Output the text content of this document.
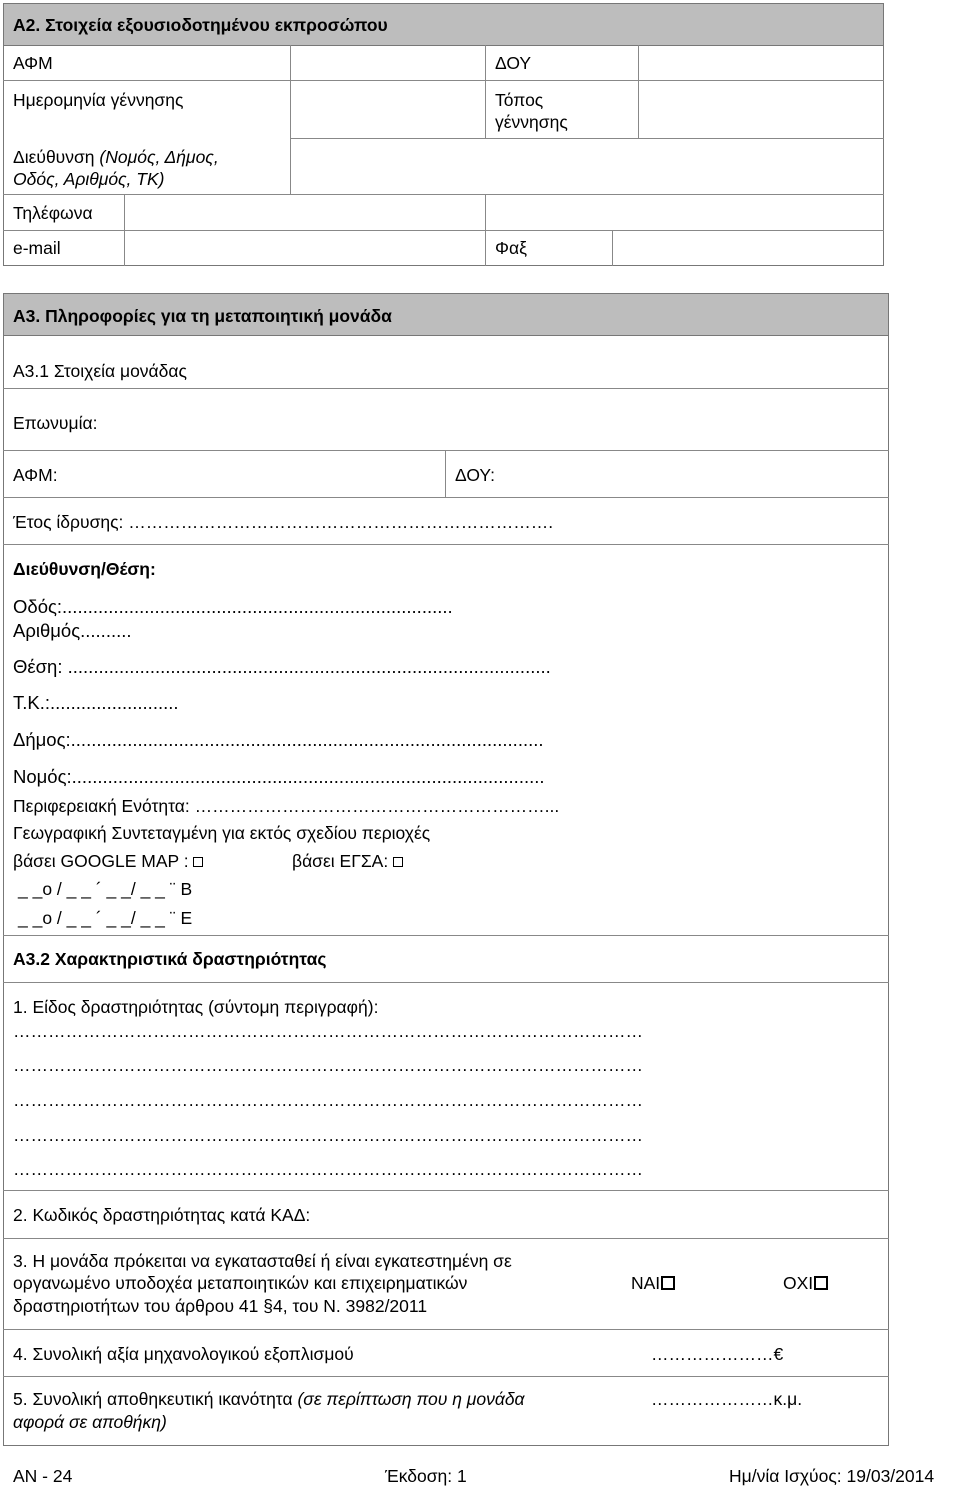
Α2. Στοιχεία εξουσιοδοτημένου εκπροσώπου
ΑΦΜ	ΔΟΥ
Ημερομηνία γέννησης	Τόπος
γέννησης
Διεύθυνση (Νομός, Δήμος,
Οδός, Αριθμός, ΤΚ)
Τηλέφωνα
e-mail	Φαξ
Α3. Πληροφορίες για τη μεταποιητική μονάδα
Α3.1 Στοιχεία μονάδας
Επωνυμία:
ΑΦΜ:	ΔΟΥ:
Έτος ίδρυσης: ……………………………………………………………….
Διεύθυνση/Θέση:
Οδός:............................................................................
Αριθμός..........
Θέση: ..............................................................................................
Τ.Κ.:.........................
Δήμος:............................................................................................
Νομός:............................................................................................
Περιφερειακή Ενότητα: ……………………………………………………...
Γεωγραφική Συντεταγμένη για εκτός σχεδίου περιοχές
βάσει GOOGLE MAP :	βάσει ΕΓΣΑ:
_ _o / _ _ ´ _ _/ _ _ ¨ Β
_ _o / _ _ ´ _ _/ _ _ ¨ Ε
Α3.2 Χαρακτηριστικά δραστηριότητας
1. Είδος δραστηριότητας (σύντομη περιγραφή):
………………………………………………………………………………………………
………………………………………………………………………………………………
………………………………………………………………………………………………
………………………………………………………………………………………………
………………………………………………………………………………………………
2. Κωδικός δραστηριότητας κατά ΚΑΔ:
3. Η μονάδα πρόκειται να εγκατασταθεί ή είναι εγκατεστημένη σε
οργανωμένο υποδοχέα μεταποιητικών και επιχειρηματικών
δραστηριοτήτων του άρθρου 41 §4, του Ν. 3982/2011
ΝΑΙ	ΟΧΙ
4. Συνολική αξία μηχανολογικού εξοπλισμού	…………………€
5. Συνολική αποθηκευτική ικανότητα (σε περίπτωση που η μονάδα
αφορά σε αποθήκη)
…………………κ.μ.
ΑΝ - 24	Έκδοση: 1	Ημ/νία Ισχύος: 19/03/2014
